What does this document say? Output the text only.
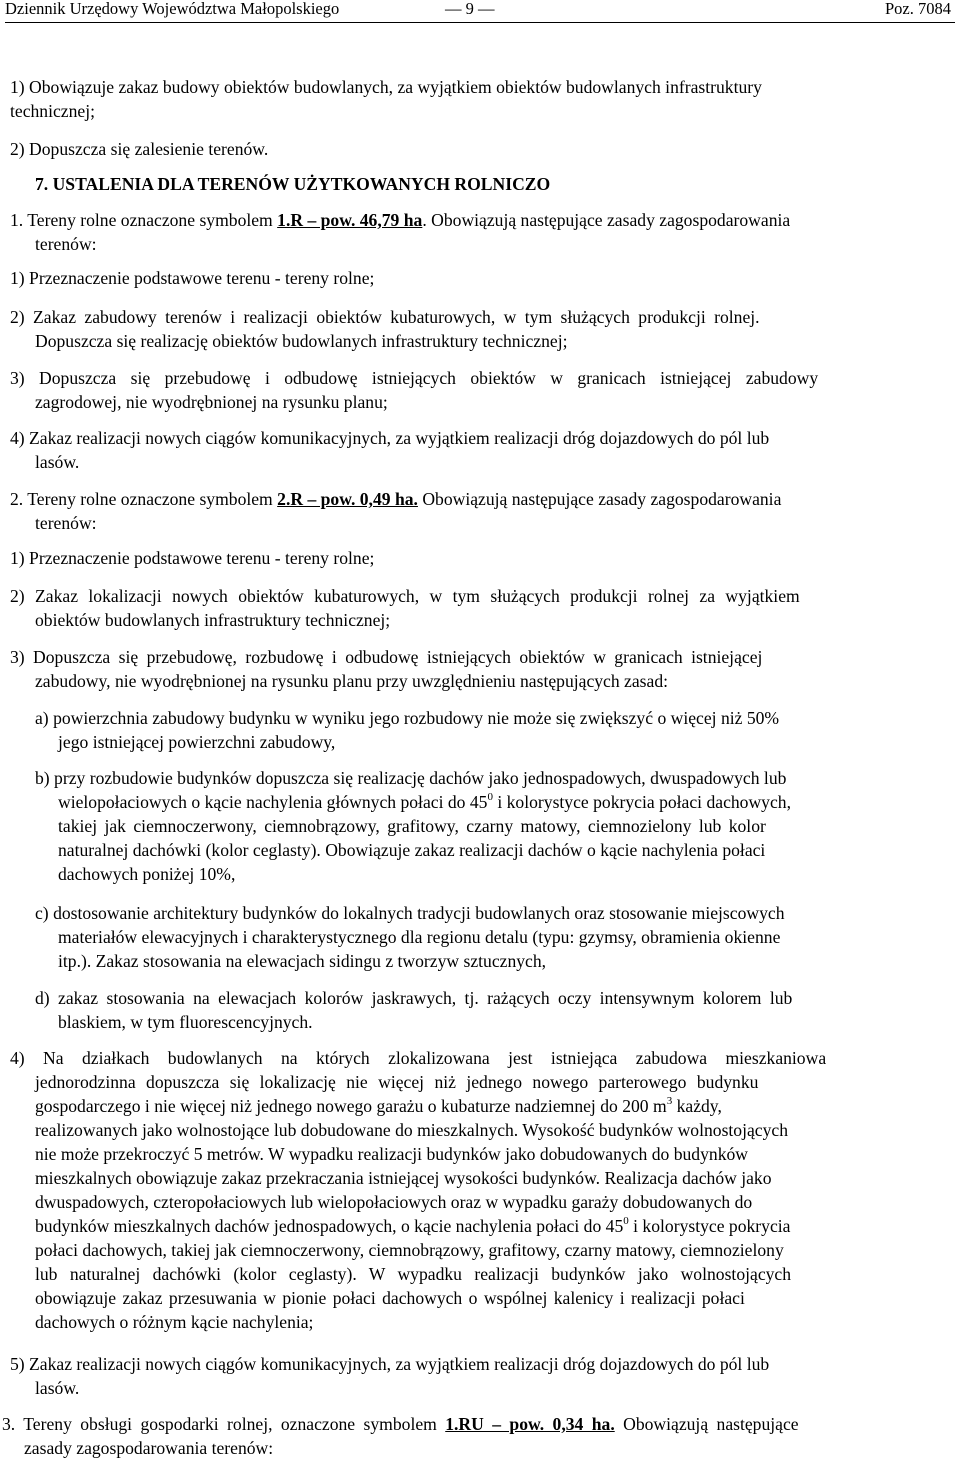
Dziennik Urzędowy Województwa Małopolskiego	— 9 —	Poz. 7084
1) Obowiązuje zakaz budowy obiektów budowlanych, za wyjątkiem obiektów budowlanych infrastruktury
technicznej;
2) Dopuszcza się zalesienie terenów.
7. USTALENIA DLA TERENÓW UŻYTKOWANYCH ROLNICZO
1. Tereny rolne oznaczone symbolem 1.R – pow. 46,79 ha. Obowiązują następujące zasady zagospodarowania
terenów:
1) Przeznaczenie podstawowe terenu - tereny rolne;
2) Zakaz zabudowy terenów i realizacji obiektów kubaturowych, w tym służących produkcji rolnej.
Dopuszcza się realizację obiektów budowlanych infrastruktury technicznej;
3) Dopuszcza się przebudowę i odbudowę istniejących obiektów w granicach istniejącej zabudowy
zagrodowej, nie wyodrębnionej na rysunku planu;
4) Zakaz realizacji nowych ciągów komunikacyjnych, za wyjątkiem realizacji dróg dojazdowych do pól lub
lasów.
2. Tereny rolne oznaczone symbolem 2.R – pow. 0,49 ha. Obowiązują następujące zasady zagospodarowania
terenów:
1) Przeznaczenie podstawowe terenu - tereny rolne;
2) Zakaz lokalizacji nowych obiektów kubaturowych, w tym służących produkcji rolnej za wyjątkiem
obiektów budowlanych infrastruktury technicznej;
3) Dopuszcza się przebudowę, rozbudowę i odbudowę istniejących obiektów w granicach istniejącej
zabudowy, nie wyodrębnionej na rysunku planu przy uwzględnieniu następujących zasad:
a) powierzchnia zabudowy budynku w wyniku jego rozbudowy nie może się zwiększyć o więcej niż 50%
jego istniejącej powierzchni zabudowy,
b) przy rozbudowie budynków dopuszcza się realizację dachów jako jednospadowych, dwuspadowych lub
wielopołaciowych o kącie nachylenia głównych połaci do $45^0$ i kolorystyce pokrycia połaci dachowych,
takiej jak ciemnoczerwony, ciemnobrązowy, grafitowy, czarny matowy, ciemnozielony lub kolor
naturalnej dachówki (kolor ceglasty). Obowiązuje zakaz realizacji dachów o kącie nachylenia połaci
dachowych poniżej 10%,
c) dostosowanie architektury budynków do lokalnych tradycji budowlanych oraz stosowanie miejscowych
materiałów elewacyjnych i charakterystycznego dla regionu detalu (typu: gzymsy, obramienia okienne
itp.). Zakaz stosowania na elewacjach sidingu z tworzyw sztucznych,
d) zakaz stosowania na elewacjach kolorów jaskrawych, tj. rażących oczy intensywnym kolorem lub
blaskiem, w tym fluorescencyjnych.
4) Na działkach budowlanych na których zlokalizowana jest istniejąca zabudowa mieszkaniowa
jednorodzinna dopuszcza się lokalizację nie więcej niż jednego nowego parterowego budynku
gospodarczego i nie więcej niż jednego nowego garażu o kubaturze nadziemnej do 200 $m^3$ każdy,
realizowanych jako wolnostojące lub dobudowane do mieszkalnych. Wysokość budynków wolnostojących
nie może przekroczyć 5 metrów. W wypadku realizacji budynków jako dobudowanych do budynków
mieszkalnych obowiązuje zakaz przekraczania istniejącej wysokości budynków. Realizacja dachów jako
dwuspadowych, czteropołaciowych lub wielopołaciowych oraz w wypadku garaży dobudowanych do
budynków mieszkalnych dachów jednospadowych, o kącie nachylenia połaci do $45^0$ i kolorystyce pokrycia
połaci dachowych, takiej jak ciemnoczerwony, ciemnobrązowy, grafitowy, czarny matowy, ciemnozielony
lub naturalnej dachówki (kolor ceglasty). W wypadku realizacji budynków jako wolnostojących
obowiązuje zakaz przesuwania w pionie połaci dachowych o wspólnej kalenicy i realizacji połaci
dachowych o różnym kącie nachylenia;
5) Zakaz realizacji nowych ciągów komunikacyjnych, za wyjątkiem realizacji dróg dojazdowych do pól lub
lasów.
3. Tereny obsługi gospodarki rolnej, oznaczone symbolem 1.RU – pow. 0,34 ha. Obowiązują następujące
zasady zagospodarowania terenów:
